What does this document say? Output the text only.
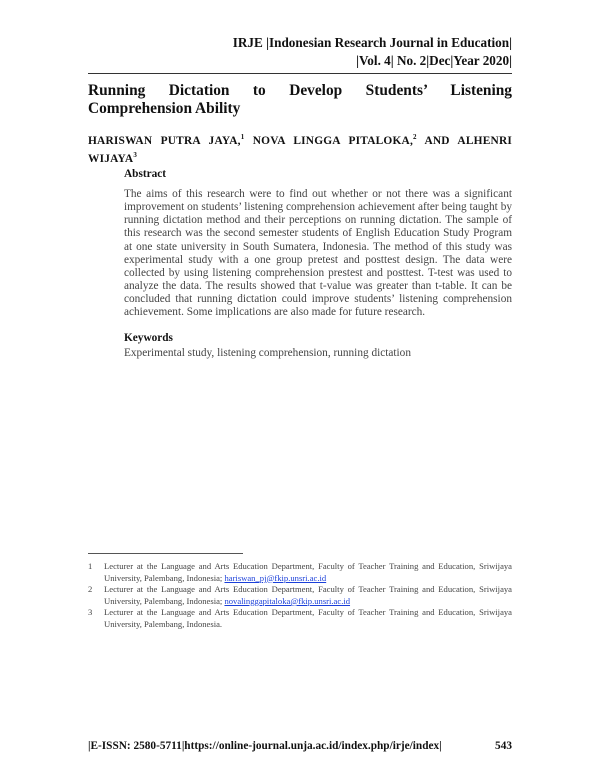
IRJE |Indonesian Research Journal in Education|
|Vol. 4| No. 2|Dec|Year 2020|
Running Dictation to Develop Students’ Listening Comprehension Ability
HARISWAN PUTRA JAYA,$^1$ NOVA LINGGA PITALOKA,$^2$ AND ALHENRI WIJAYA$^3$
Abstract
The aims of this research were to find out whether or not there was a significant improvement on students’ listening comprehension achievement after being taught by running dictation method and their perceptions on running dictation. The sample of this research was the second semester students of English Education Study Program at one state university in South Sumatera, Indonesia. The method of this study was experimental study with a one group pretest and posttest design. The data were collected by using listening comprehension prestest and posttest. T-test was used to analyze the data. The results showed that t-value was greater than t-table. It can be concluded that running dictation could improve students’ listening comprehension achievement. Some implications are also made for future research.
Keywords
Experimental study, listening comprehension, running dictation
1 Lecturer at the Language and Arts Education Department, Faculty of Teacher Training and Education, Sriwijaya University, Palembang, Indonesia; hariswan_pj@fkip.unsri.ac.id
2 Lecturer at the Language and Arts Education Department, Faculty of Teacher Training and Education, Sriwijaya University, Palembang, Indonesia; novalinggapitaloka@fkip.unsri.ac.id
3 Lecturer at the Language and Arts Education Department, Faculty of Teacher Training and Education, Sriwijaya University, Palembang, Indonesia.
|E-ISSN: 2580-5711|https://online-journal.unja.ac.id/index.php/irje/index|	543
